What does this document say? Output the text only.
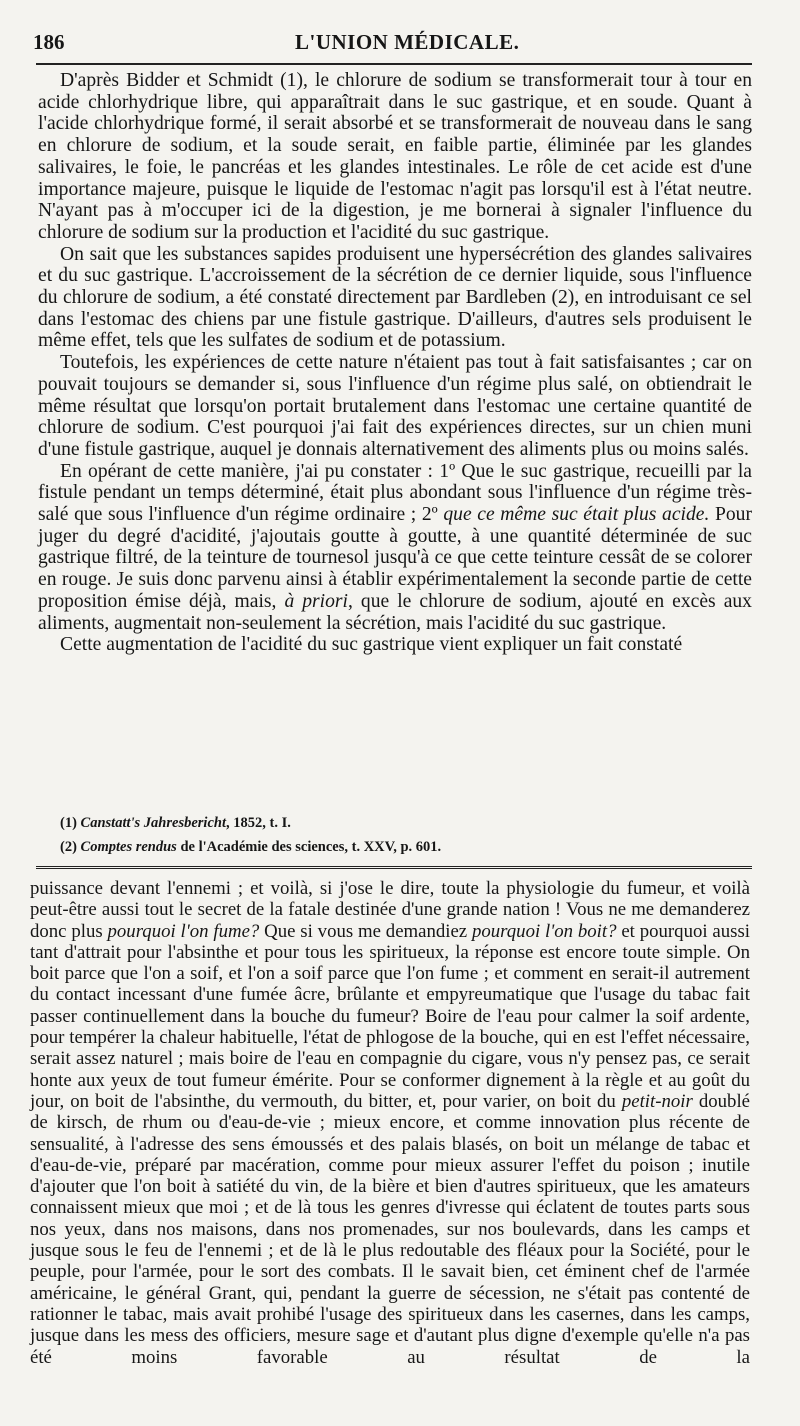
186	L'UNION MÉDICALE.

D'après Bidder et Schmidt (1), le chlorure de sodium se transformerait tour à tour en acide chlorhydrique libre, qui apparaîtrait dans le suc gastrique, et en soude. Quant à l'acide chlorhydrique formé, il serait absorbé et se transformerait de nouveau dans le sang en chlorure de sodium, et la soude serait, en faible partie, éliminée par les glandes salivaires, le foie, le pancréas et les glandes intestinales. Le rôle de cet acide est d'une importance majeure, puisque le liquide de l'estomac n'agit pas lorsqu'il est à l'état neutre. N'ayant pas à m'occuper ici de la digestion, je me bornerai à signaler l'influence du chlorure de sodium sur la production et l'acidité du suc gastrique.

On sait que les substances sapides produisent une hypersécrétion des glandes salivaires et du suc gastrique. L'accroissement de la sécrétion de ce dernier liquide, sous l'influence du chlorure de sodium, a été constaté directement par Bardleben (2), en introduisant ce sel dans l'estomac des chiens par une fistule gastrique. D'ailleurs, d'autres sels produisent le même effet, tels que les sulfates de sodium et de potassium.

Toutefois, les expériences de cette nature n'étaient pas tout à fait satisfaisantes ; car on pouvait toujours se demander si, sous l'influence d'un régime plus salé, on obtiendrait le même résultat que lorsqu'on portait brutalement dans l'estomac une certaine quantité de chlorure de sodium. C'est pourquoi j'ai fait des expériences directes, sur un chien muni d'une fistule gastrique, auquel je donnais alternativement des aliments plus ou moins salés.

En opérant de cette manière, j'ai pu constater : 1º Que le suc gastrique, recueilli par la fistule pendant un temps déterminé, était plus abondant sous l'influence d'un régime très-salé que sous l'influence d'un régime ordinaire ; 2º que ce même suc était plus acide. Pour juger du degré d'acidité, j'ajoutais goutte à goutte, à une quantité déterminée de suc gastrique filtré, de la teinture de tournesol jusqu'à ce que cette teinture cessât de se colorer en rouge. Je suis donc parvenu ainsi à établir expérimentalement la seconde partie de cette proposition émise déjà, mais, à priori, que le chlorure de sodium, ajouté en excès aux aliments, augmentait non-seulement la sécrétion, mais l'acidité du suc gastrique.

Cette augmentation de l'acidité du suc gastrique vient expliquer un fait constaté

(1) Canstatt's Jahresbericht, 1852, t. I.
(2) Comptes rendus de l'Académie des sciences, t. XXV, p. 601.

puissance devant l'ennemi ; et voilà, si j'ose le dire, toute la physiologie du fumeur, et voilà peut-être aussi tout le secret de la fatale destinée d'une grande nation ! Vous ne me demanderez donc plus pourquoi l'on fume? Que si vous me demandiez pourquoi l'on boit? et pourquoi aussi tant d'attrait pour l'absinthe et pour tous les spiritueux, la réponse est encore toute simple. On boit parce que l'on a soif, et l'on a soif parce que l'on fume ; et comment en serait-il autrement du contact incessant d'une fumée âcre, brûlante et empyreumatique que l'usage du tabac fait passer continuellement dans la bouche du fumeur? Boire de l'eau pour calmer la soif ardente, pour tempérer la chaleur habituelle, l'état de phlogose de la bouche, qui en est l'effet nécessaire, serait assez naturel ; mais boire de l'eau en compagnie du cigare, vous n'y pensez pas, ce serait honte aux yeux de tout fumeur émérite. Pour se conformer dignement à la règle et au goût du jour, on boit de l'absinthe, du vermouth, du bitter, et, pour varier, on boit du petit-noir doublé de kirsch, de rhum ou d'eau-de-vie ; mieux encore, et comme innovation plus récente de sensualité, à l'adresse des sens émoussés et des palais blasés, on boit un mélange de tabac et d'eau-de-vie, préparé par macération, comme pour mieux assurer l'effet du poison ; inutile d'ajouter que l'on boit à satiété du vin, de la bière et bien d'autres spiritueux, que les amateurs connaissent mieux que moi ; et de là tous les genres d'ivresse qui éclatent de toutes parts sous nos yeux, dans nos maisons, dans nos promenades, sur nos boulevards, dans les camps et jusque sous le feu de l'ennemi ; et de là le plus redoutable des fléaux pour la Société, pour le peuple, pour l'armée, pour le sort des combats. Il le savait bien, cet éminent chef de l'armée américaine, le général Grant, qui, pendant la guerre de sécession, ne s'était pas contenté de rationner le tabac, mais avait prohibé l'usage des spiritueux dans les casernes, dans les camps, jusque dans les mess des officiers, mesure sage et d'autant plus digne d'exemple qu'elle n'a pas été moins favorable au résultat de la
